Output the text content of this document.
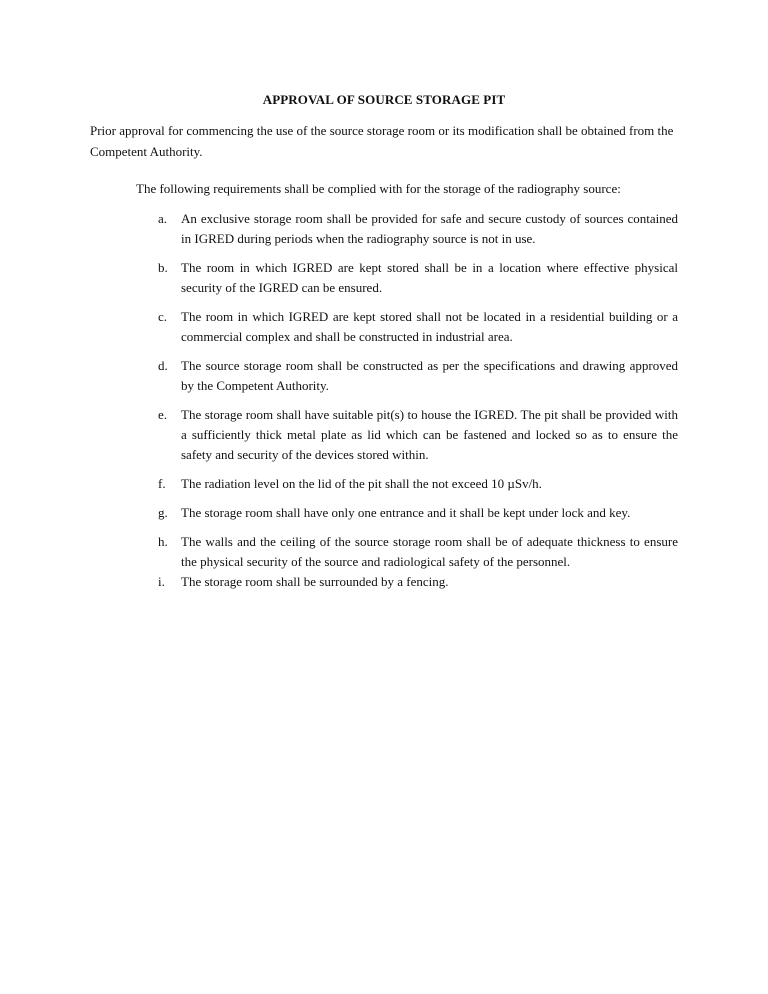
APPROVAL OF SOURCE STORAGE PIT
Prior approval for commencing the use of the source storage room or its modification shall be obtained from the Competent Authority.
The following requirements shall be complied with for the storage of the radiography source:
a.	An exclusive storage room shall be provided for safe and secure custody of sources contained in IGRED during periods when the radiography source is not in use.
b.	The room in which IGRED are kept stored shall be in a location where effective physical security of the IGRED can be ensured.
c.	The room in which IGRED are kept stored shall not be located in a residential building or a commercial complex and shall be constructed in industrial area.
d.	The source storage room shall be constructed as per the specifications and drawing approved by the Competent Authority.
e.	The storage room shall have suitable pit(s) to house the IGRED. The pit shall be provided with a sufficiently thick metal plate as lid which can be fastened and locked so as to ensure the safety and security of the devices stored within.
f.	The radiation level on the lid of the pit shall the not exceed 10 µSv/h.
g.	The storage room shall have only one entrance and it shall be kept under lock and key.
h.	The walls and the ceiling of the source storage room shall be of adequate thickness to ensure the physical security of the source and radiological safety of the personnel.
i.	The storage room shall be surrounded by a fencing.
